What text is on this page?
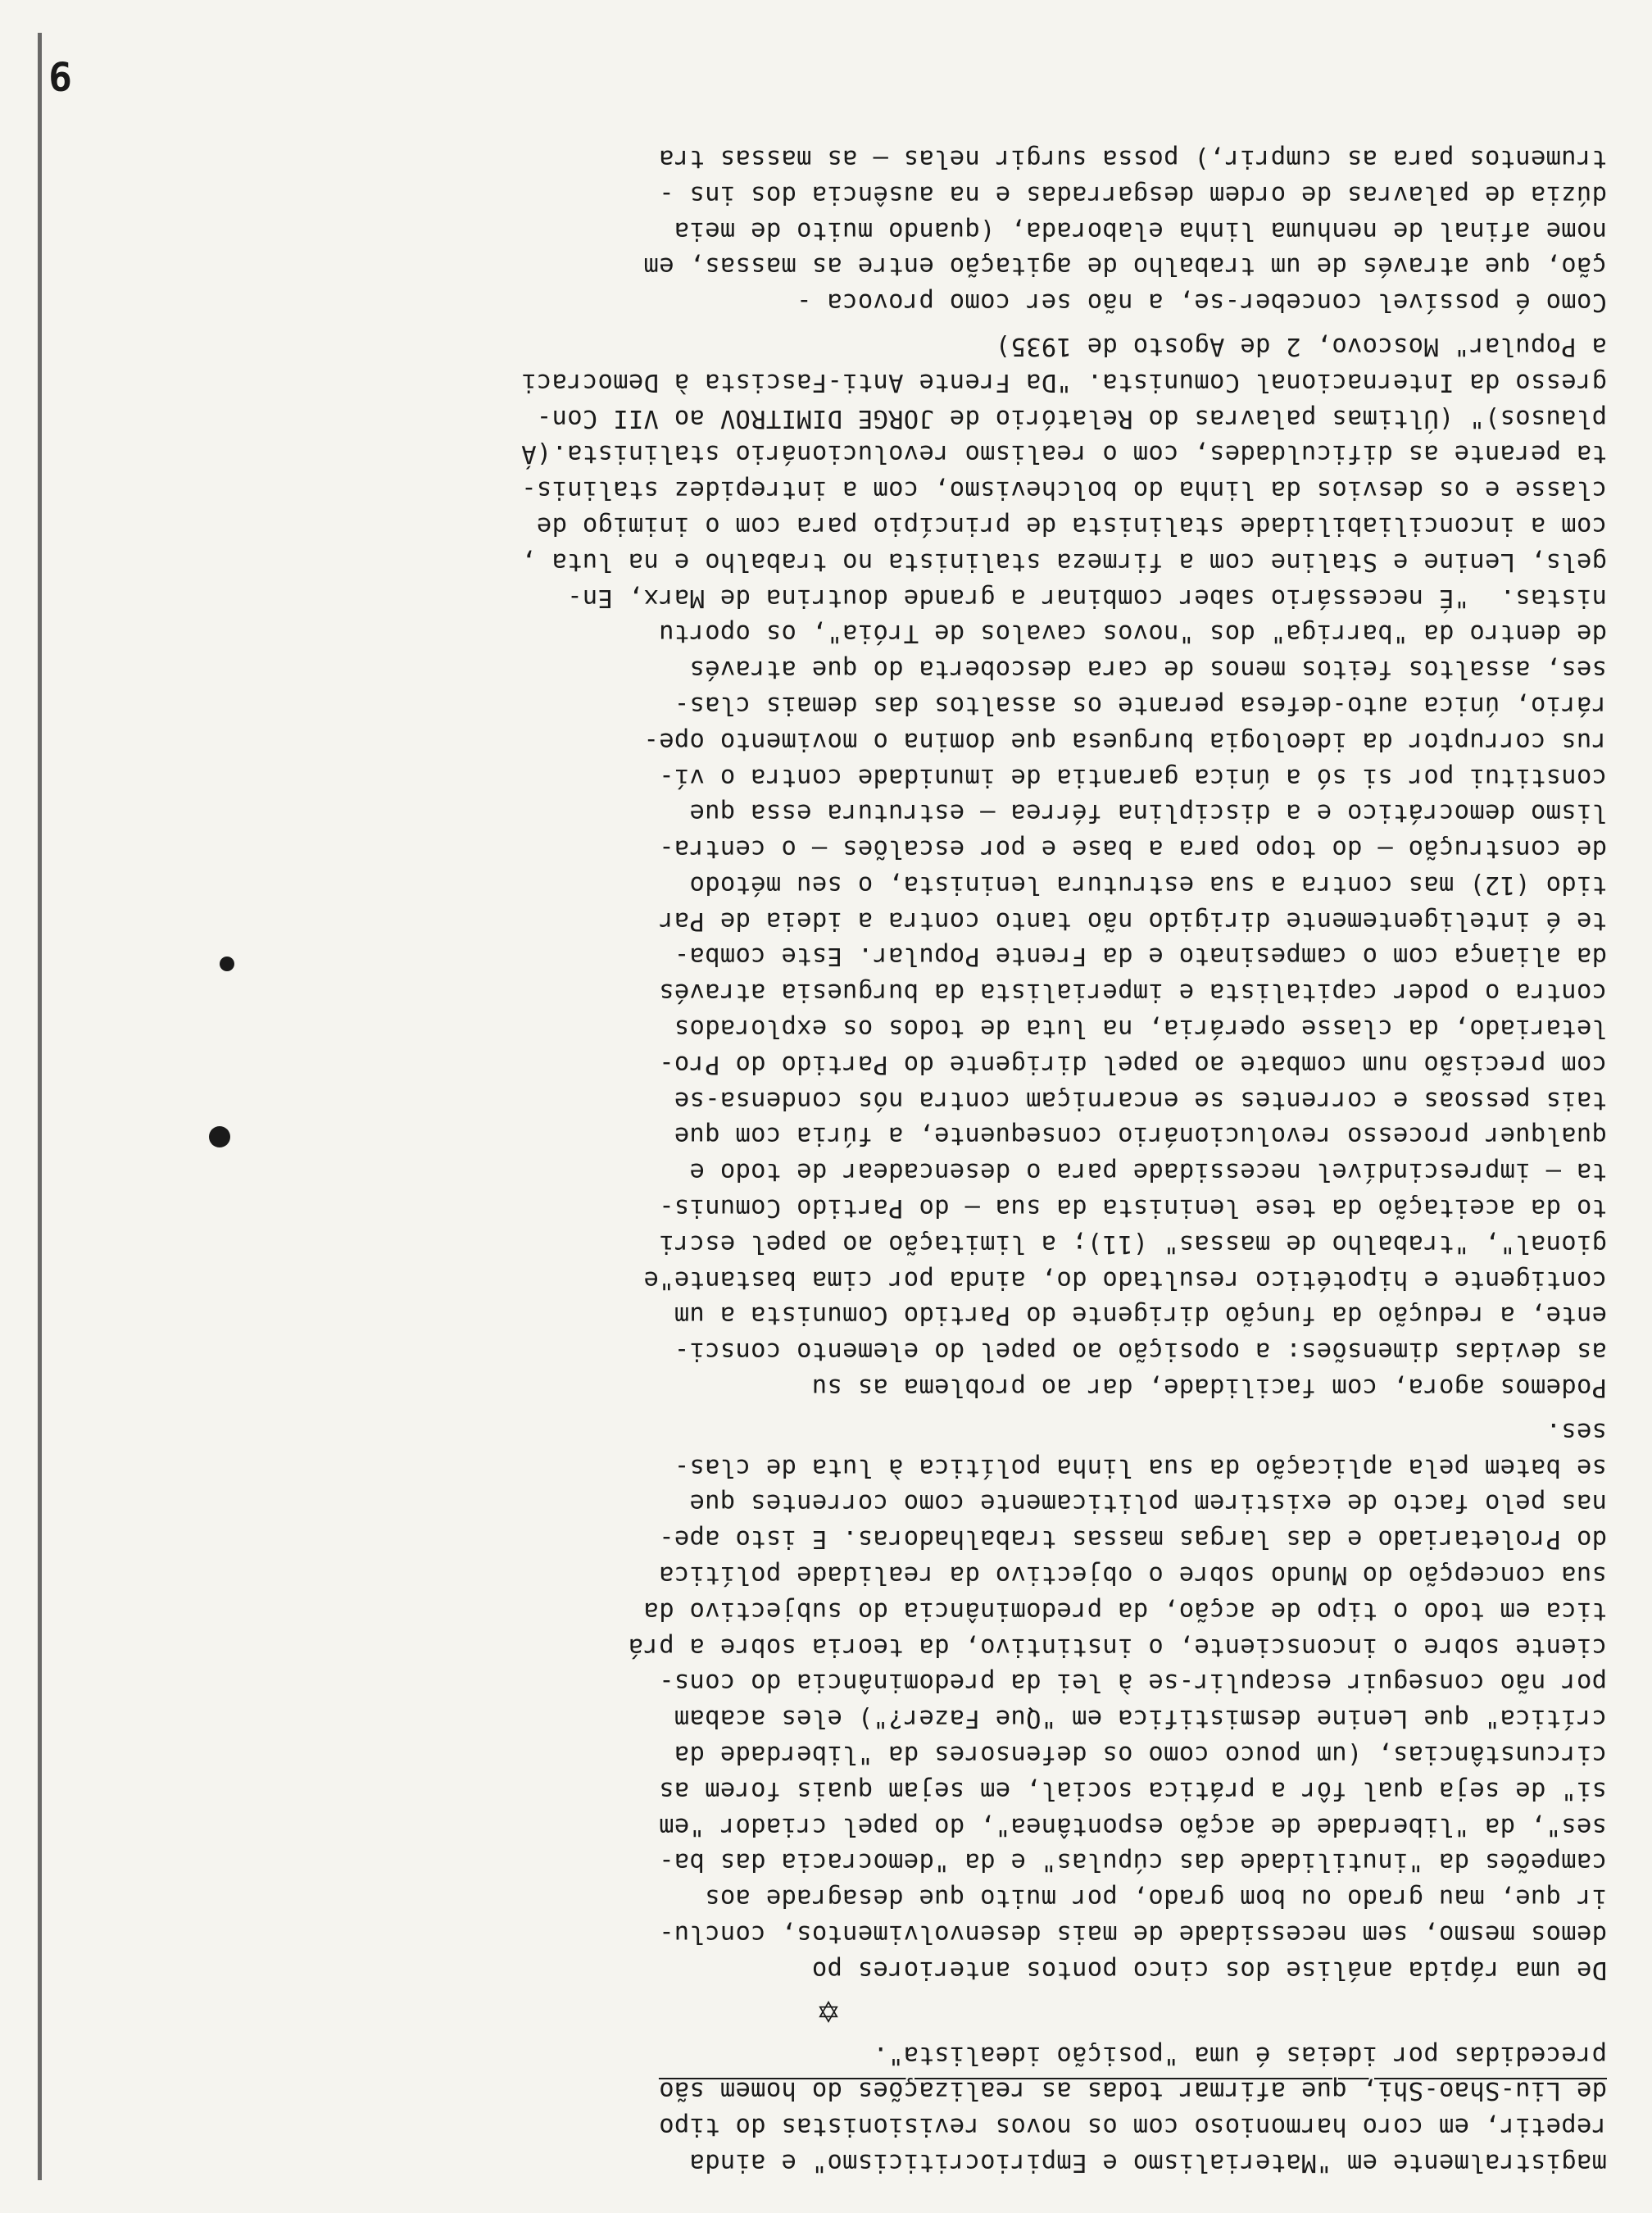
9
magistralmente em "Materialismo e Empiriocriticismo" e ainda
repetir, em coro harmonioso com os novos revisionistas do tipo
de Liu-Shao-Shi, que afirmar todas as realizações do homem são
precedidas por ideias é uma "posição idealista".
✡
De uma rápida análise dos cinco pontos anteriores po
demos mesmo, sem necessidade de mais desenvolvimentos, conclu-
ir que, mau grado ou bom grado, por muito que desagrade aos
campeões da "inutilidade das cúpulas" e da "democracia das ba-
ses", da "liberdade de acção espontânea", do papel criador "em
si" de seja qual fôr a prática social, em sejam quais forem as
circunstâncias, (um pouco como os defensores da "liberdade da
crítica" que Lenine desmistifica em "Que Fazer?") eles acabam
por não conseguir escapulir-se à lei da predominância do cons-
ciente sobre o inconsciente, o instintivo, da teoria sobre a prá
tica em todo o tipo de acção, da predominância do subjectivo da
sua concepção do Mundo sobre o objectivo da realidade política
do Proletariado e das largas massas trabalhadoras. E isto ape-
nas pelo facto de existirem politicamente como correntes que
se batem pela aplicação da sua linha política à luta de clas-
ses.
Podemos agora, com facilidade, dar ao problema as su
as devidas dimensões: a oposição ao papel do elemento consci-
ente, a redução da função dirigente do Partido Comunista a um
contigente e hipotético resultado do, ainda por cima bastante"e
gional", "trabalho de massas" (11); a limitação ao papel escri
to da aceitação da tese leninista da sua — do Partido Comunis-
ta — imprescindível necessidade para o desencadear de todo e
qualquer processo revolucionário consequente, a fúria com que
tais pessoas e correntes se encarniçam contra nós condensa-se
com precisão num combate ao papel dirigente do Partido do Pro-
letariado, da classe operária, na luta de todos os explorados
contra o poder capitalista e imperialista da burguesia através
da aliança com o campesinato e da Frente Popular. Este comba-
te é inteligentemente dirigido não tanto contra a ideia de Par
tido (12) mas contra a sua estrutura leninista, o seu método
de construção — do topo para a base e por escalões — o centra-
lismo democrático e a disciplina férrea — estrutura essa que
constitui por si só a única garantia de imunidade contra o ví-
rus corruptor da ideologia burguesa que domina o movimento ope-
rário, única auto-defesa perante os assaltos das demais clas-
ses, assaltos feitos menos de cara descoberta do que através
de dentro da "barriga" dos "novos cavalos de Tróia", os oportu
nistas.  "É necessário saber combinar a grande doutrina de Marx, En-
gels, Lenine e Staline com a firmeza stalinista no trabalho e na luta ,
com a inconciliabilidade stalinista de princípio para com o inimigo de
classe e os desvios da linha do bolchevismo, com a intrepidez stalinis-
ta perante as dificuldades, com o realismo revolucionário stalinista.(Á
plausos)" (Últimas palavras do Relatório de JORGE DIMITROV ao VII Con-
gresso da Internacional Comunista. "Da Frente Anti-Fascista à Democraci
a Popular" Moscovo, 2 de Agosto de 1935)
Como é possível conceber-se, a não ser como provoca -
ção, que através de um trabalho de agitação entre as massas, em
nome afinal de nenhuma linha elaborada, (quando muito de meia
dúzia de palavras de ordem desgarradas e na ausência dos ins -
trumentos para as cumprir,) possa surgir nelas — as massas tra
